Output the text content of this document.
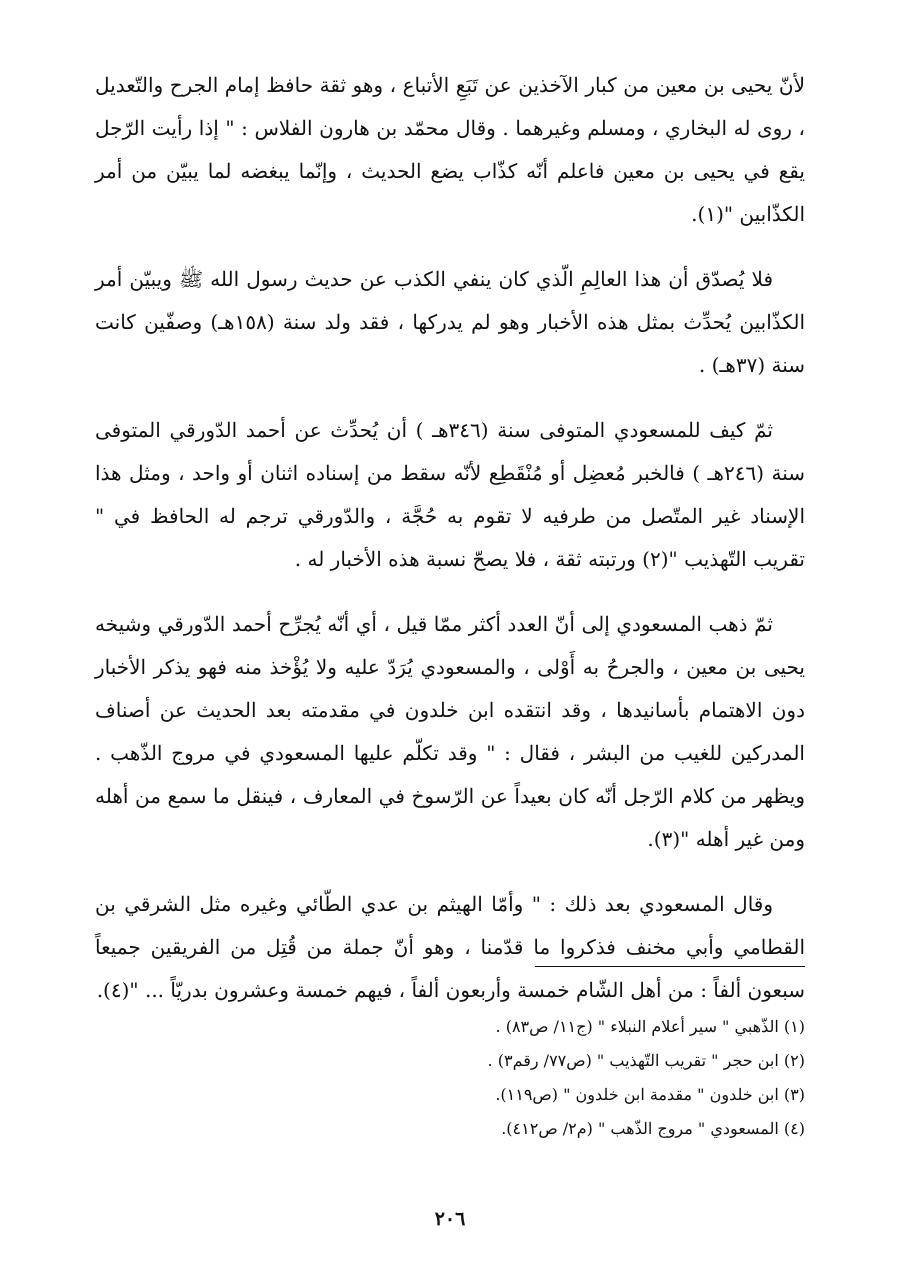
لأنّ يحيى بن معين من كبار الآخذين عن تَبَعِ الأتباع ، وهو ثقة حافظ إمام الجرح والتّعديل ، روى له البخاري ، ومسلم وغيرهما . وقال محمّد بن هارون الفلاس : " إذا رأيت الرّجل يقع في يحيى بن معين فاعلم أنّه كذّاب يضع الحديث ، وإنّما يبغضه لما يبيّن من أمر الكذّابين "(١).

فلا يُصدّق أن هذا العالِمِ الّذي كان ينفي الكذب عن حديث رسول الله ﷺ ويبيّن أمر الكذّابين يُحدِّث بمثل هذه الأخبار وهو لم يدركها ، فقد ولد سنة (١٥٨هـ) وصفّين كانت سنة (٣٧هـ) .

ثمّ كيف للمسعودي المتوفى سنة (٣٤٦هـ ) أن يُحدِّث عن أحمد الدّورقي المتوفى سنة (٢٤٦هـ ) فالخبر مُعضِل أو مُنْقَطِع لأنّه سقط من إسناده اثنان أو واحد ، ومثل هذا الإسناد غير المتّصل من طرفيه لا تقوم به حُجَّة ، والدّورقي ترجم له الحافظ في " تقريب التّهذيب "(٢) ورتبته ثقة ، فلا يصحّ نسبة هذه الأخبار له .

ثمّ ذهب المسعودي إلى أنّ العدد أكثر ممّا قيل ، أي أنّه يُجرِّح أحمد الدّورقي وشيخه يحيى بن معين ، والجرحُ به أَوْلى ، والمسعودي يُرَدّ عليه ولا يُؤْخذ منه فهو يذكر الأخبار دون الاهتمام بأسانيدها ، وقد انتقده ابن خلدون في مقدمته بعد الحديث عن أصناف المدركين للغيب من البشر ، فقال : " وقد تكلّم عليها المسعودي في مروج الذّهب . ويظهر من كلام الرّجل أنّه كان بعيداً عن الرّسوخ في المعارف ، فينقل ما سمع من أهله ومن غير أهله "(٣).

وقال المسعودي بعد ذلك : " وأمّا الهيثم بن عدي الطّائي وغيره مثل الشرقي بن القطامي وأبي مخنف فذكروا ما قدّمنا ، وهو أنّ جملة من قُتِل من الفريقين جميعاً سبعون ألفاً : من أهل الشّام خمسة وأربعون ألفاً ، فيهم خمسة وعشرون بدريّاً ... "(٤).

(١) الذّهبي " سير أعلام النبلاء " (ج١١/ ص٨٣) .
(٢) ابن حجر " تقريب التّهذيب " (ص٧٧/ رقم٣) .
(٣) ابن خلدون " مقدمة ابن خلدون " (ص١١٩).
(٤) المسعودي " مروج الذّهب " (م٢/ ص٤١٢).
٢٠٦
